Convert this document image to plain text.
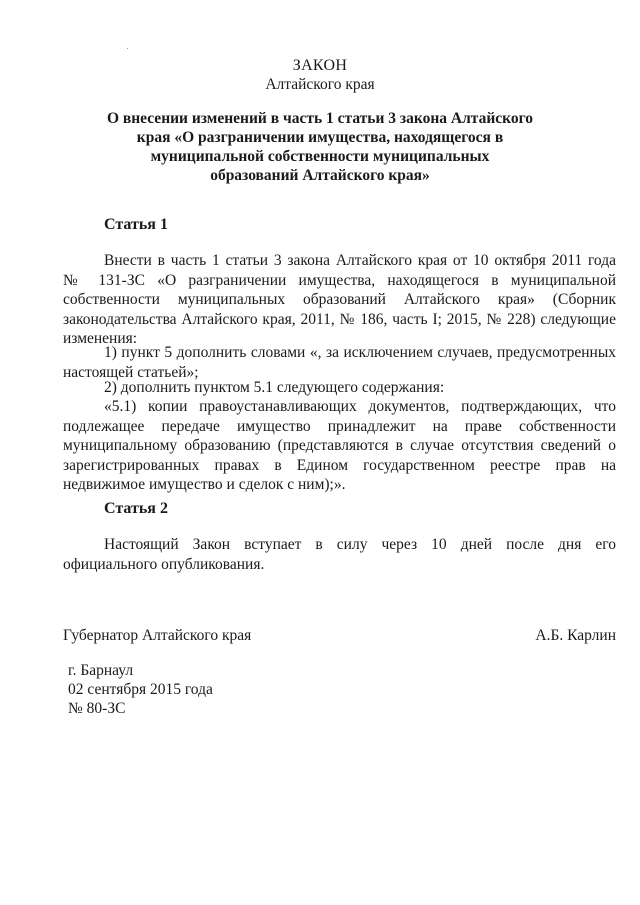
ЗАКОН
Алтайского края
О внесении изменений в часть 1 статьи 3 закона Алтайского
края «О разграничении имущества, находящегося в
муниципальной собственности муниципальных
образований Алтайского края»
Статья 1
Внести в часть 1 статьи 3 закона Алтайского края от 10 октября 2011 года
№ 131-ЗС «О разграничении имущества, находящегося в муниципальной
собственности муниципальных образований Алтайского края» (Сборник
законодательства Алтайского края, 2011, № 186, часть I; 2015, № 228) следующие
изменения:
1) пункт 5 дополнить словами «, за исключением случаев, предусмотренных
настоящей статьей»;
2) дополнить пунктом 5.1 следующего содержания:
«5.1) копии правоустанавливающих документов, подтверждающих, что
подлежащее передаче имущество принадлежит на праве собственности
муниципальному образованию (представляются в случае отсутствия сведений о
зарегистрированных правах в Едином государственном реестре прав на
недвижимое имущество и сделок с ним);».
Статья 2
Настоящий Закон вступает в силу через 10 дней после дня его
официального опубликования.
Губернатор Алтайского края	А.Б. Карлин
г. Барнаул
02 сентября 2015 года
№ 80-ЗС
